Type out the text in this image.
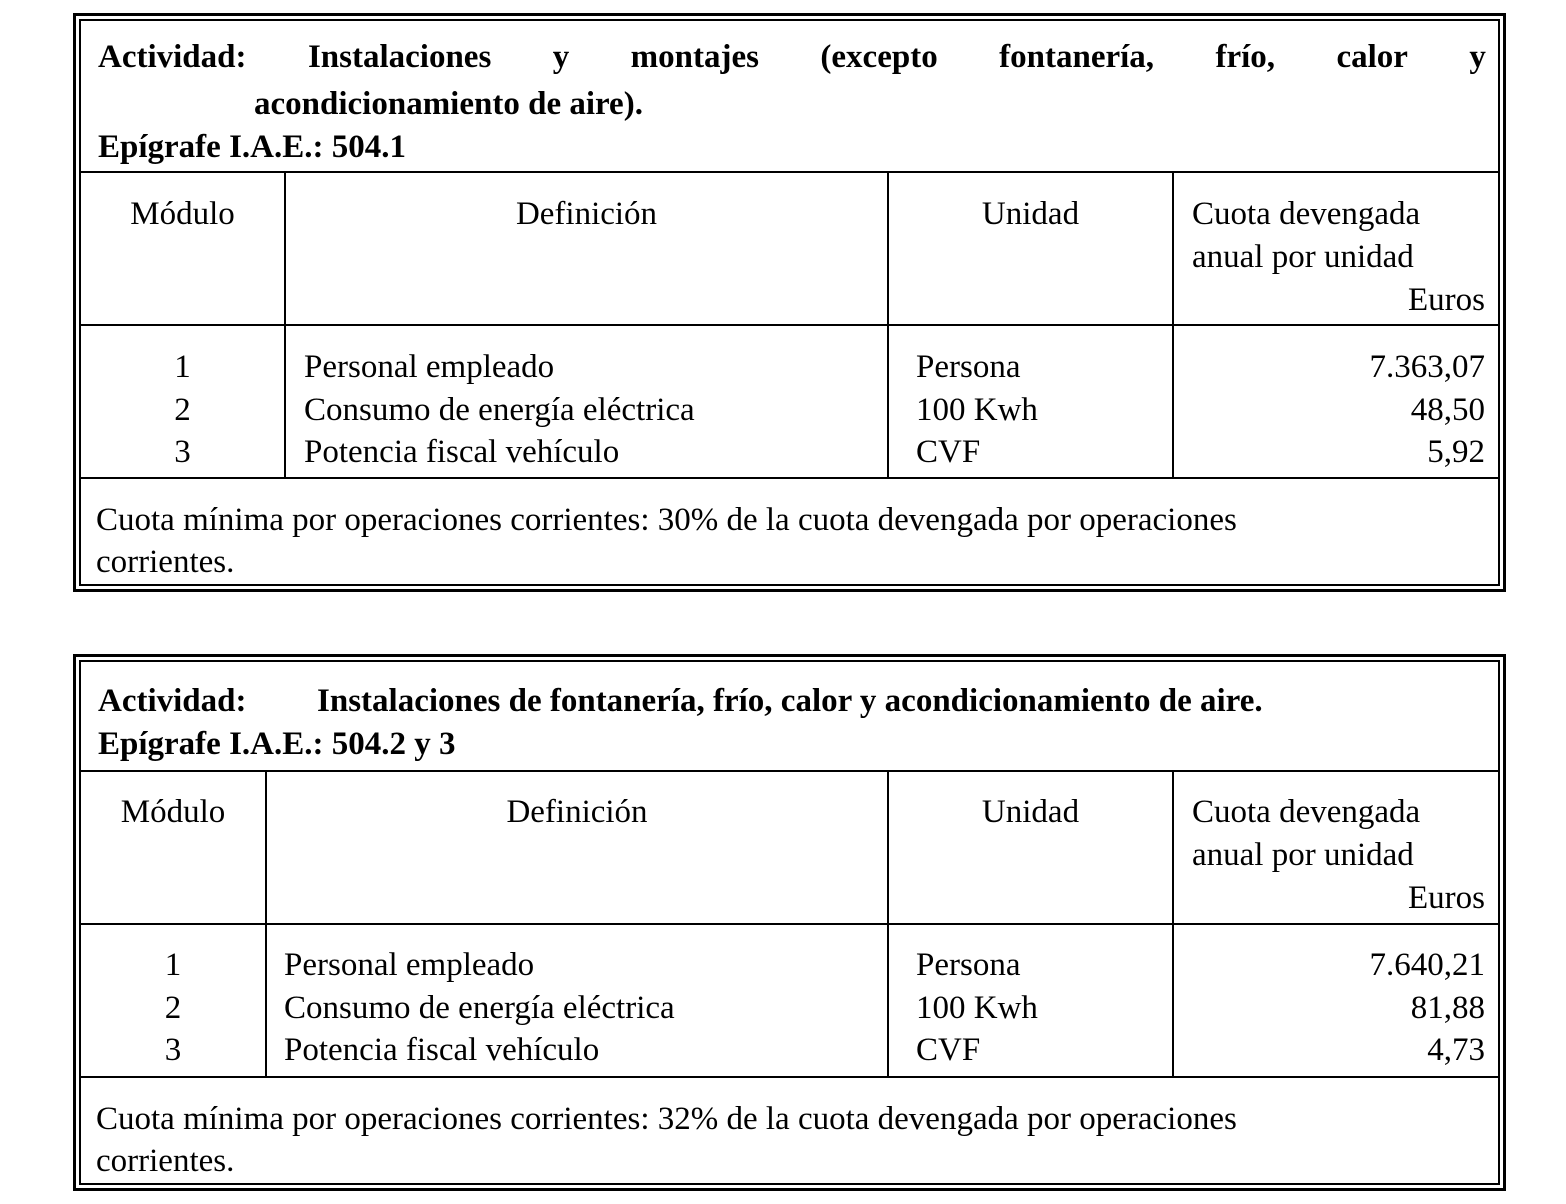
Actividad: Instalaciones y montajes (excepto fontanería, frío, calor y
acondicionamiento de aire).
Epígrafe I.A.E.: 504.1
Módulo	Definición	Unidad	Cuota devengada
anual por unidad
Euros
1	Personal empleado	Persona	7.363,07
2	Consumo de energía eléctrica	100 Kwh	48,50
3	Potencia fiscal vehículo	CVF	5,92
Cuota mínima por operaciones corrientes: 30% de la cuota devengada por operaciones
corrientes.
Actividad: Instalaciones de fontanería, frío, calor y acondicionamiento de aire.
Epígrafe I.A.E.: 504.2 y 3
Módulo	Definición	Unidad	Cuota devengada
anual por unidad
Euros
1	Personal empleado	Persona	7.640,21
2	Consumo de energía eléctrica	100 Kwh	81,88
3	Potencia fiscal vehículo	CVF	4,73
Cuota mínima por operaciones corrientes: 32% de la cuota devengada por operaciones
corrientes.
